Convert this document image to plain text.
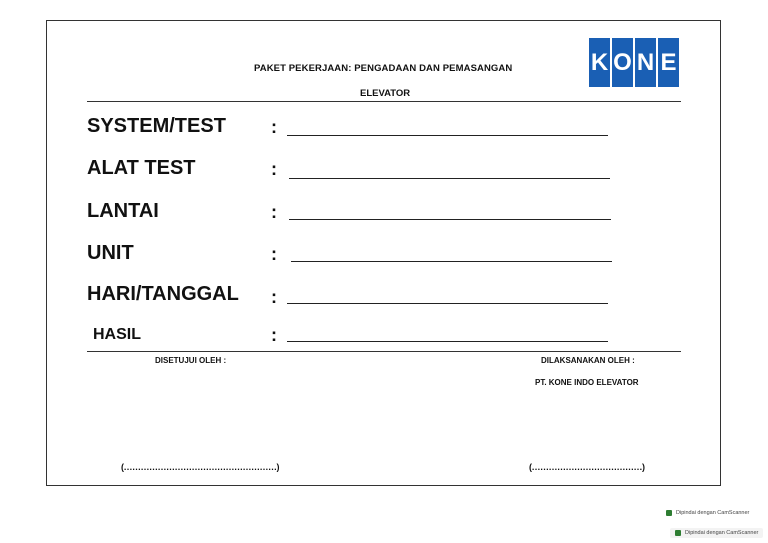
PAKET PEKERJAAN: PENGADAAN DAN PEMASANGAN
ELEVATOR
K O N E
SYSTEM/TEST	:
ALAT TEST	:
LANTAI	:
UNIT	:
HARI/TANGGAL :
HASIL	:
DISETUJUI OLEH :	DILAKSANAKAN OLEH :
PT. KONE INDO ELEVATOR
(………………………………………………)	(…………………………………)
Dipindai dengan CamScanner
Dipindai dengan CamScanner
